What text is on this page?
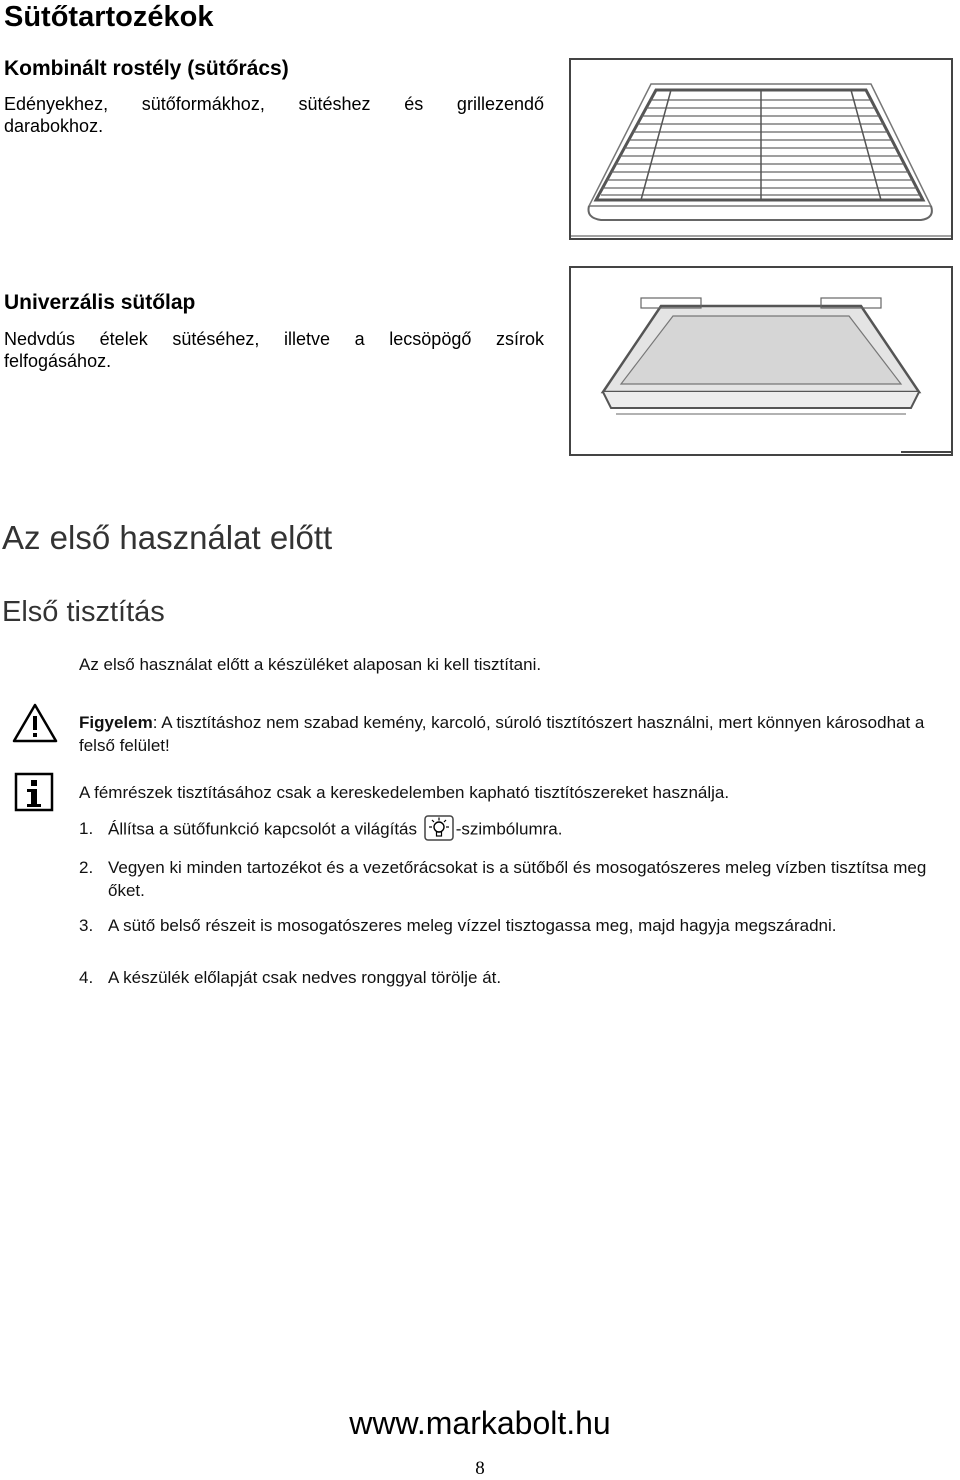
Sütőtartozékok
Kombinált rostély (sütőrács)
Edényekhez, sütőformákhoz, sütéshez és grillezendő
darabokhoz.
Univerzális sütőlap
Nedvdús ételek sütéséhez, illetve a lecsöpögő zsírok
felfogásához.
Az első használat előtt
Első tisztítás
Az első használat előtt a készüléket alaposan ki kell tisztítani.
Figyelem: A tisztításhoz nem szabad kemény, karcoló, súroló tisztítószert használni, mert könnyen károsodhat a felső felület!
A fémrészek tisztításához csak a kereskedelemben kapható tisztítószereket használja.
1. Állítsa a sütőfunkció kapcsolót a világítás -szimbólumra.
2. Vegyen ki minden tartozékot és a vezetőrácsokat is a sütőből és mosogatószeres meleg vízben tisztítsa meg őket.
3. A sütő belső részeit is mosogatószeres meleg vízzel tisztogassa meg, majd hagyja megszáradni.
4. A készülék előlapját csak nedves ronggyal törölje át.
www.markabolt.hu
8
